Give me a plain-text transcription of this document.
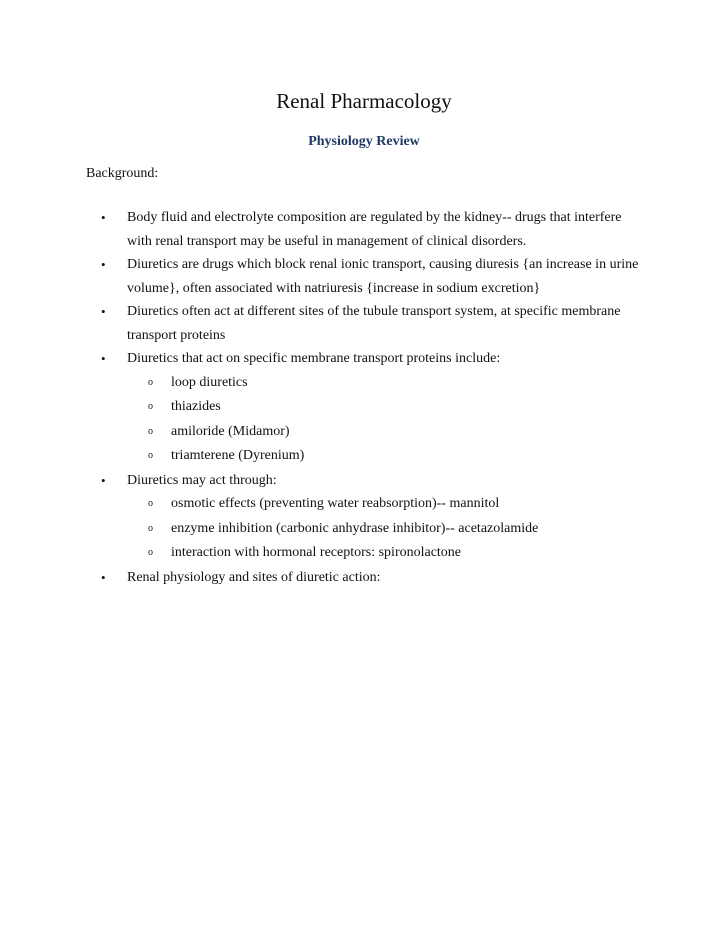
Renal Pharmacology
Physiology Review

Background:

• Body fluid and electrolyte composition are regulated by the kidney-- drugs that interfere with renal transport may be useful in management of clinical disorders.
• Diuretics are drugs which block renal ionic transport, causing diuresis {an increase in urine volume}, often associated with natriuresis {increase in sodium excretion}
• Diuretics often act at different sites of the tubule transport system, at specific membrane transport proteins
• Diuretics that act on specific membrane transport proteins include:
o loop diuretics
o thiazides
o amiloride (Midamor)
o triamterene (Dyrenium)
• Diuretics may act through:
o osmotic effects (preventing water reabsorption)-- mannitol
o enzyme inhibition (carbonic anhydrase inhibitor)-- acetazolamide
o interaction with hormonal receptors: spironolactone
• Renal physiology and sites of diuretic action:
